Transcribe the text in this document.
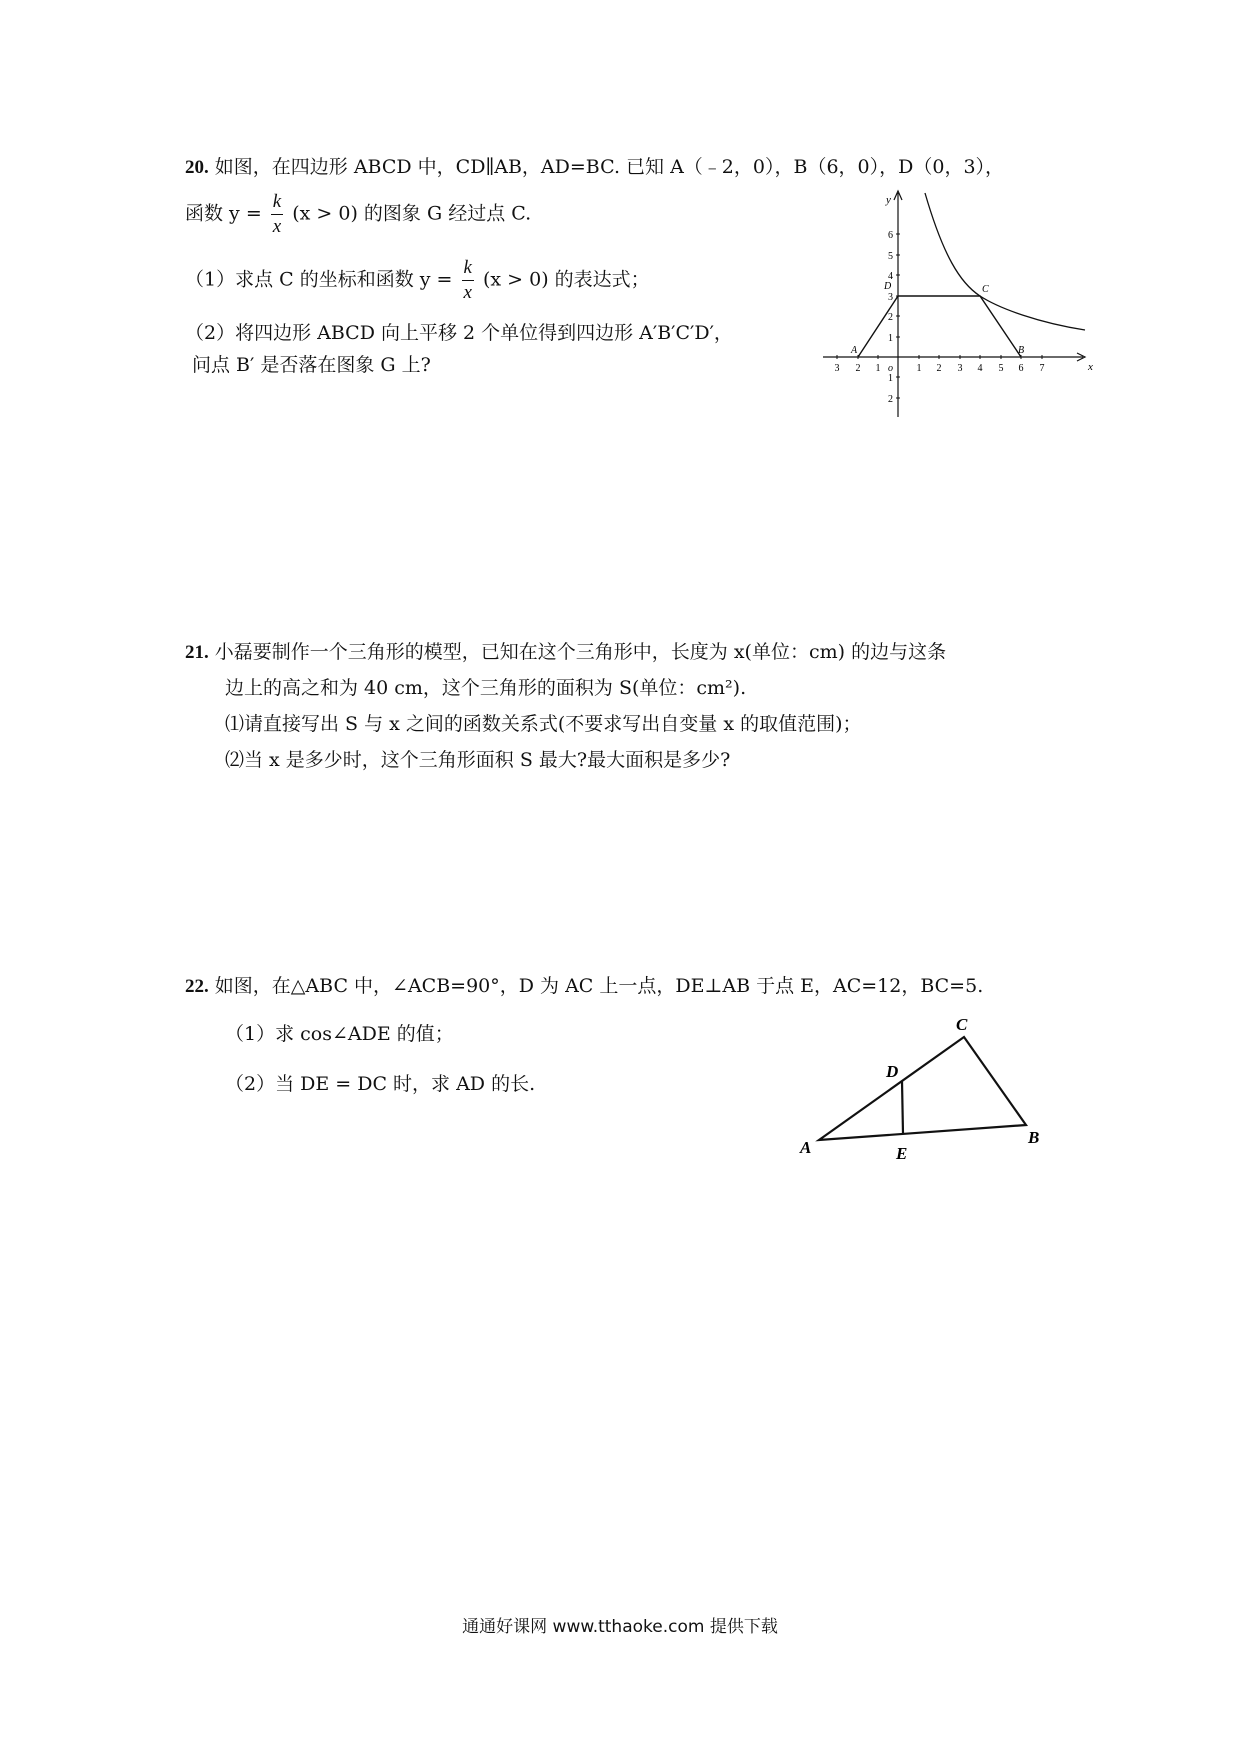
20. 如图，在四边形 ABCD 中，CD∥AB，AD=BC. 已知 A（﹣2，0），B（6，0），D（0，3），
函数 $y = \frac{k}{x} (x > 0)$ 的图象 G 经过点 C.
（1）求点 C 的坐标和函数 $y = \frac{k}{x} (x > 0)$ 的表达式；
（2）将四边形 ABCD 向上平移 2 个单位得到四边形 A′B′C′D′，
问点 B′ 是否落在图象 G 上?	x
y
o
3 2 1	1 2 3 4 5 6 7
6
5
4
3
2
1
1
2
A	B
C
D
21. 小磊要制作一个三角形的模型，已知在这个三角形中，长度为 x(单位：cm) 的边与这条
边上的高之和为 40 cm，这个三角形的面积为 S(单位：cm²).
⑴请直接写出 S 与 x 之间的函数关系式(不要求写出自变量 x 的取值范围)；
⑵当 x 是多少时，这个三角形面积 S 最大?最大面积是多少?
22. 如图，在△ABC 中，∠ACB=90°，D 为 AC 上一点，DE⊥AB 于点 E，AC=12，BC=5.
（1）求 cos∠ADE 的值；
（2）当 DE = DC 时，求 AD 的长.
A
B
C
D
E
通通好课网 www.tthaoke.com 提供下载
